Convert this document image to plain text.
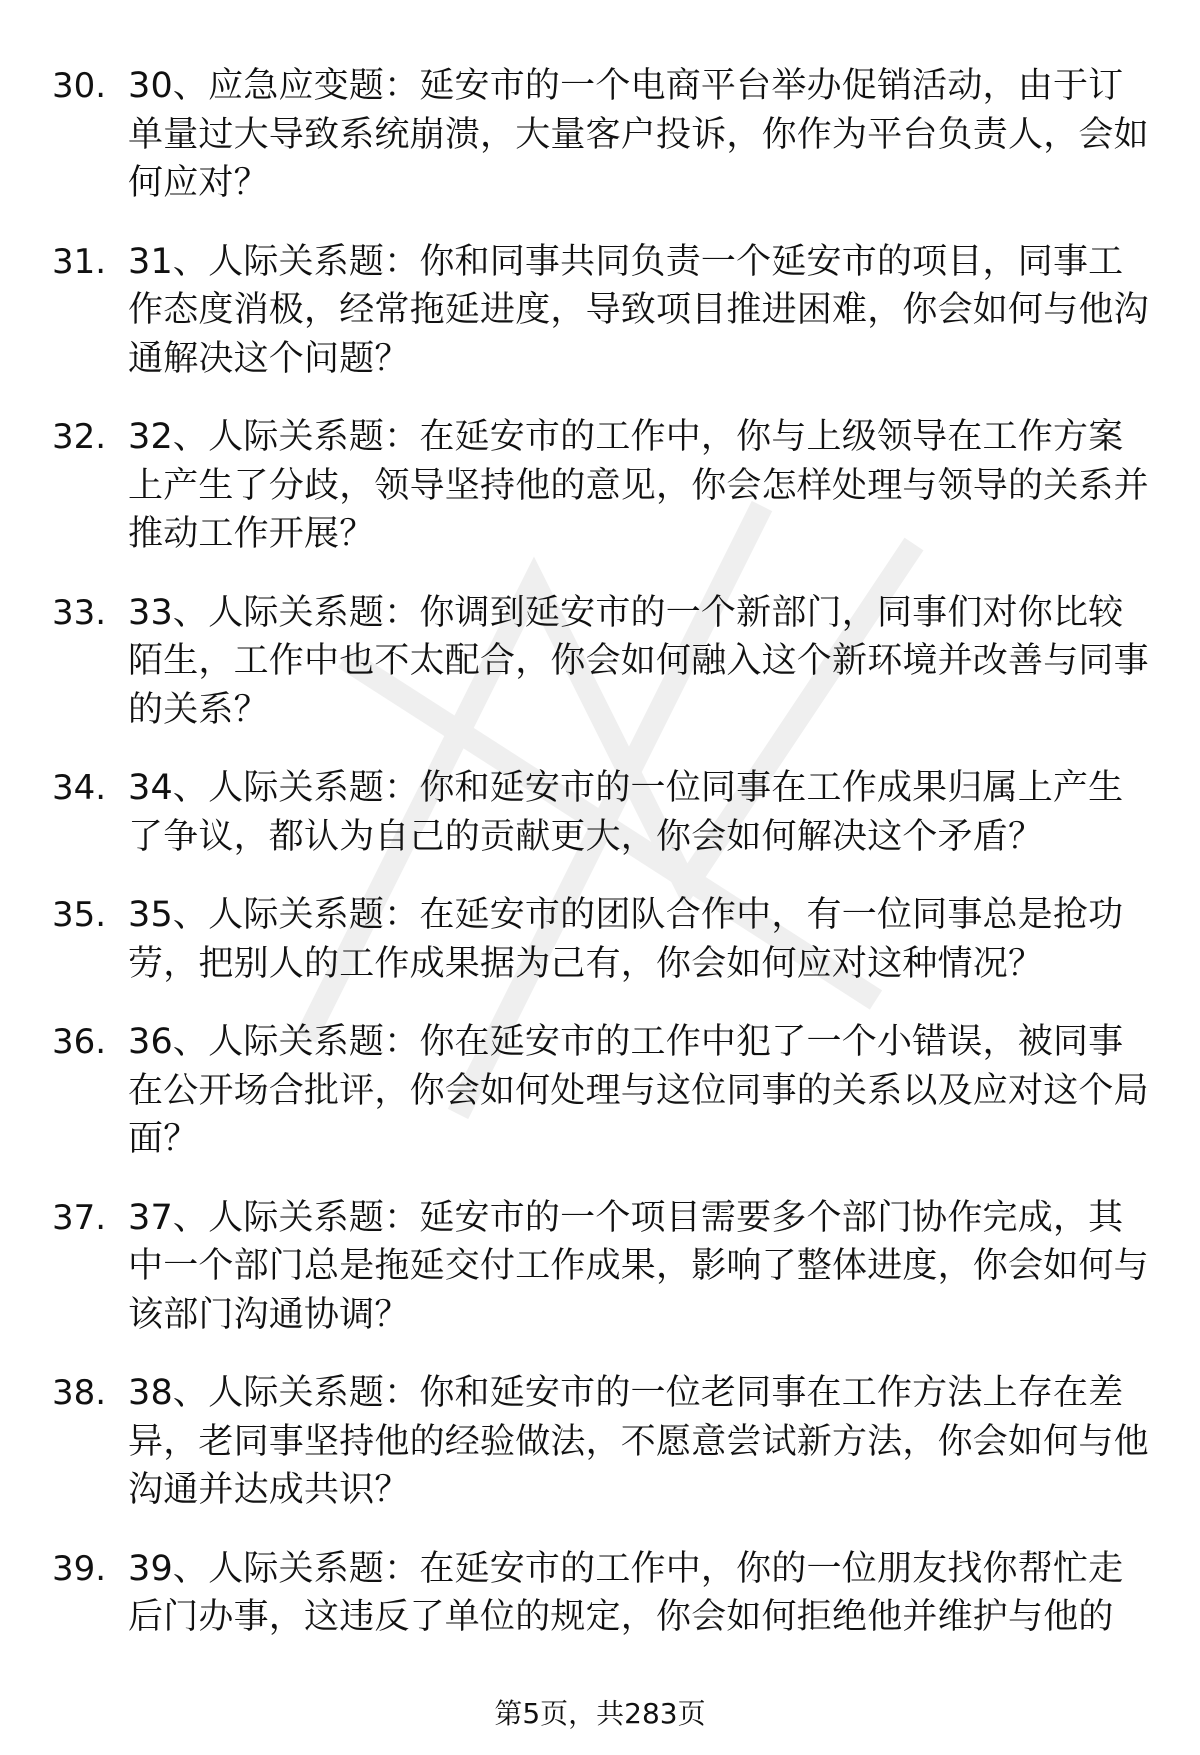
30. 30、应急应变题：延安市的一个电商平台举办促销活动，由于订单量过大导致系统崩溃，大量客户投诉，你作为平台负责人，会如何应对？
31. 31、人际关系题：你和同事共同负责一个延安市的项目，同事工作态度消极，经常拖延进度，导致项目推进困难，你会如何与他沟通解决这个问题？
32. 32、人际关系题：在延安市的工作中，你与上级领导在工作方案上产生了分歧，领导坚持他的意见，你会怎样处理与领导的关系并推动工作开展？
33. 33、人际关系题：你调到延安市的一个新部门，同事们对你比较陌生，工作中也不太配合，你会如何融入这个新环境并改善与同事的关系？
34. 34、人际关系题：你和延安市的一位同事在工作成果归属上产生了争议，都认为自己的贡献更大，你会如何解决这个矛盾？
35. 35、人际关系题：在延安市的团队合作中，有一位同事总是抢功劳，把别人的工作成果据为己有，你会如何应对这种情况？
36. 36、人际关系题：你在延安市的工作中犯了一个小错误，被同事在公开场合批评，你会如何处理与这位同事的关系以及应对这个局面？
37. 37、人际关系题：延安市的一个项目需要多个部门协作完成，其中一个部门总是拖延交付工作成果，影响了整体进度，你会如何与该部门沟通协调？
38. 38、人际关系题：你和延安市的一位老同事在工作方法上存在差异，老同事坚持他的经验做法，不愿意尝试新方法，你会如何与他沟通并达成共识？
39. 39、人际关系题：在延安市的工作中，你的一位朋友找你帮忙走后门办事，这违反了单位的规定，你会如何拒绝他并维护与他的
第5页，共283页
